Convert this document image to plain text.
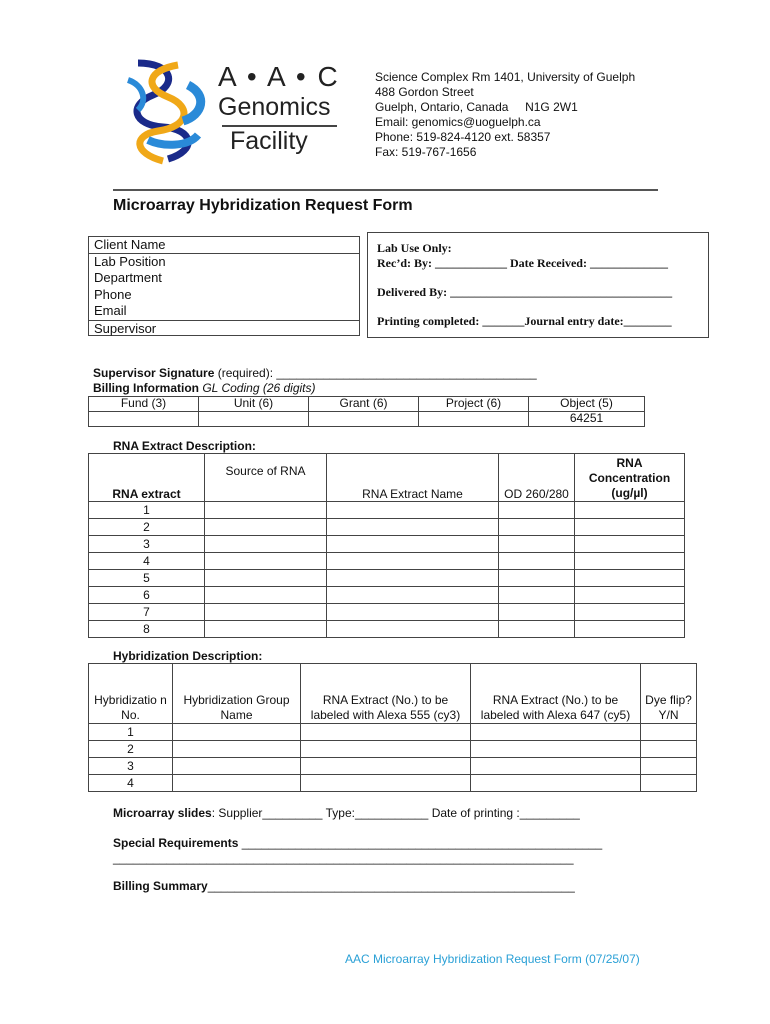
A • A • C
Genomics
Facility
Science Complex Rm 1401, University of Guelph
488 Gordon Street
Guelph, Ontario, Canada     N1G 2W1
Email: genomics@uoguelph.ca
Phone: 519-824-4120 ext. 58357
Fax: 519-767-1656
Microarray Hybridization Request Form
Client Name
Lab Position
Department
Phone
Email
Supervisor
Lab Use Only:
Rec’d: By: ____________ Date Received: _____________
Delivered By: _____________________________________
Printing completed: _______Journal entry date:________
Supervisor Signature (required): _______________________________________
Billing Information GL Coding (26 digits)
Fund (3)	Unit (6)	Grant (6)	Project (6)	Object (5)
				64251
RNA Extract Description:
RNA extract	Source of RNA	RNA Extract Name	OD 260/280	RNA Concentration (ug/µl)
1				
2				
3				
4				
5				
6				
7				
8				
Hybridization Description:
Hybridizatio n No.	Hybridization Group Name	RNA Extract (No.) to be labeled with Alexa 555 (cy3)	RNA Extract (No.) to be labeled with Alexa 647 (cy5)	Dye flip? Y/N
1				
2				
3				
4				
Microarray slides: Supplier_________ Type:___________ Date of printing :_________
Special Requirements ______________________________________________________
_____________________________________________________________________
Billing Summary_______________________________________________________
AAC Microarray Hybridization Request Form (07/25/07)
